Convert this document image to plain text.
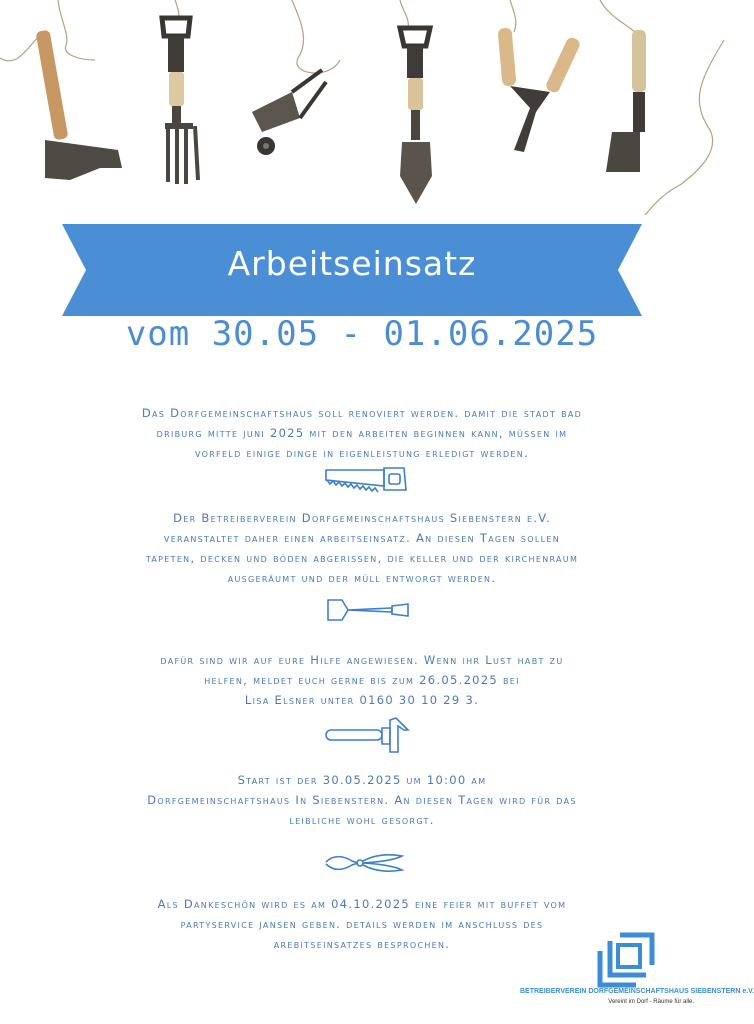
Arbeitseinsatz
vom 30.05 - 01.06.2025
Das Dorfgemeinschaftshaus soll renoviert werden. damit die stadt bad
driburg mitte juni 2025 mit den arbeiten beginnen kann, müssen im
vorfeld einige dinge in eigenleistung erledigt werden.
Der Betreiberverein Dorfgemeinschaftshaus Siebenstern e.V.
veranstaltet daher einen arbeitseinsatz. An diesen Tagen sollen
tapeten, decken und böden abgerissen, die keller und der kirchenraum
ausgeräumt und der müll entworgt werden.
dafür sind wir auf eure Hilfe angewiesen. Wenn ihr Lust habt zu
helfen, meldet euch gerne bis zum 26.05.2025 bei
Lisa Elsner unter 0160 30 10 29 3.
Start ist der 30.05.2025 um 10:00 am
Dorfgemeinschaftshaus In Siebenstern. An diesen Tagen wird für das
leibliche wohl gesorgt.
Als Dankeschön wird es am 04.10.2025 eine feier mit buffet vom
partyservice jansen geben. details werden im anschluss des
arebitseinsatzes besprochen.
BETREIBERVEREIN DORFGEMEINSCHAFTSHAUS SIEBENSTERN e.V.
Vereint im Dorf - Räume für alle.
